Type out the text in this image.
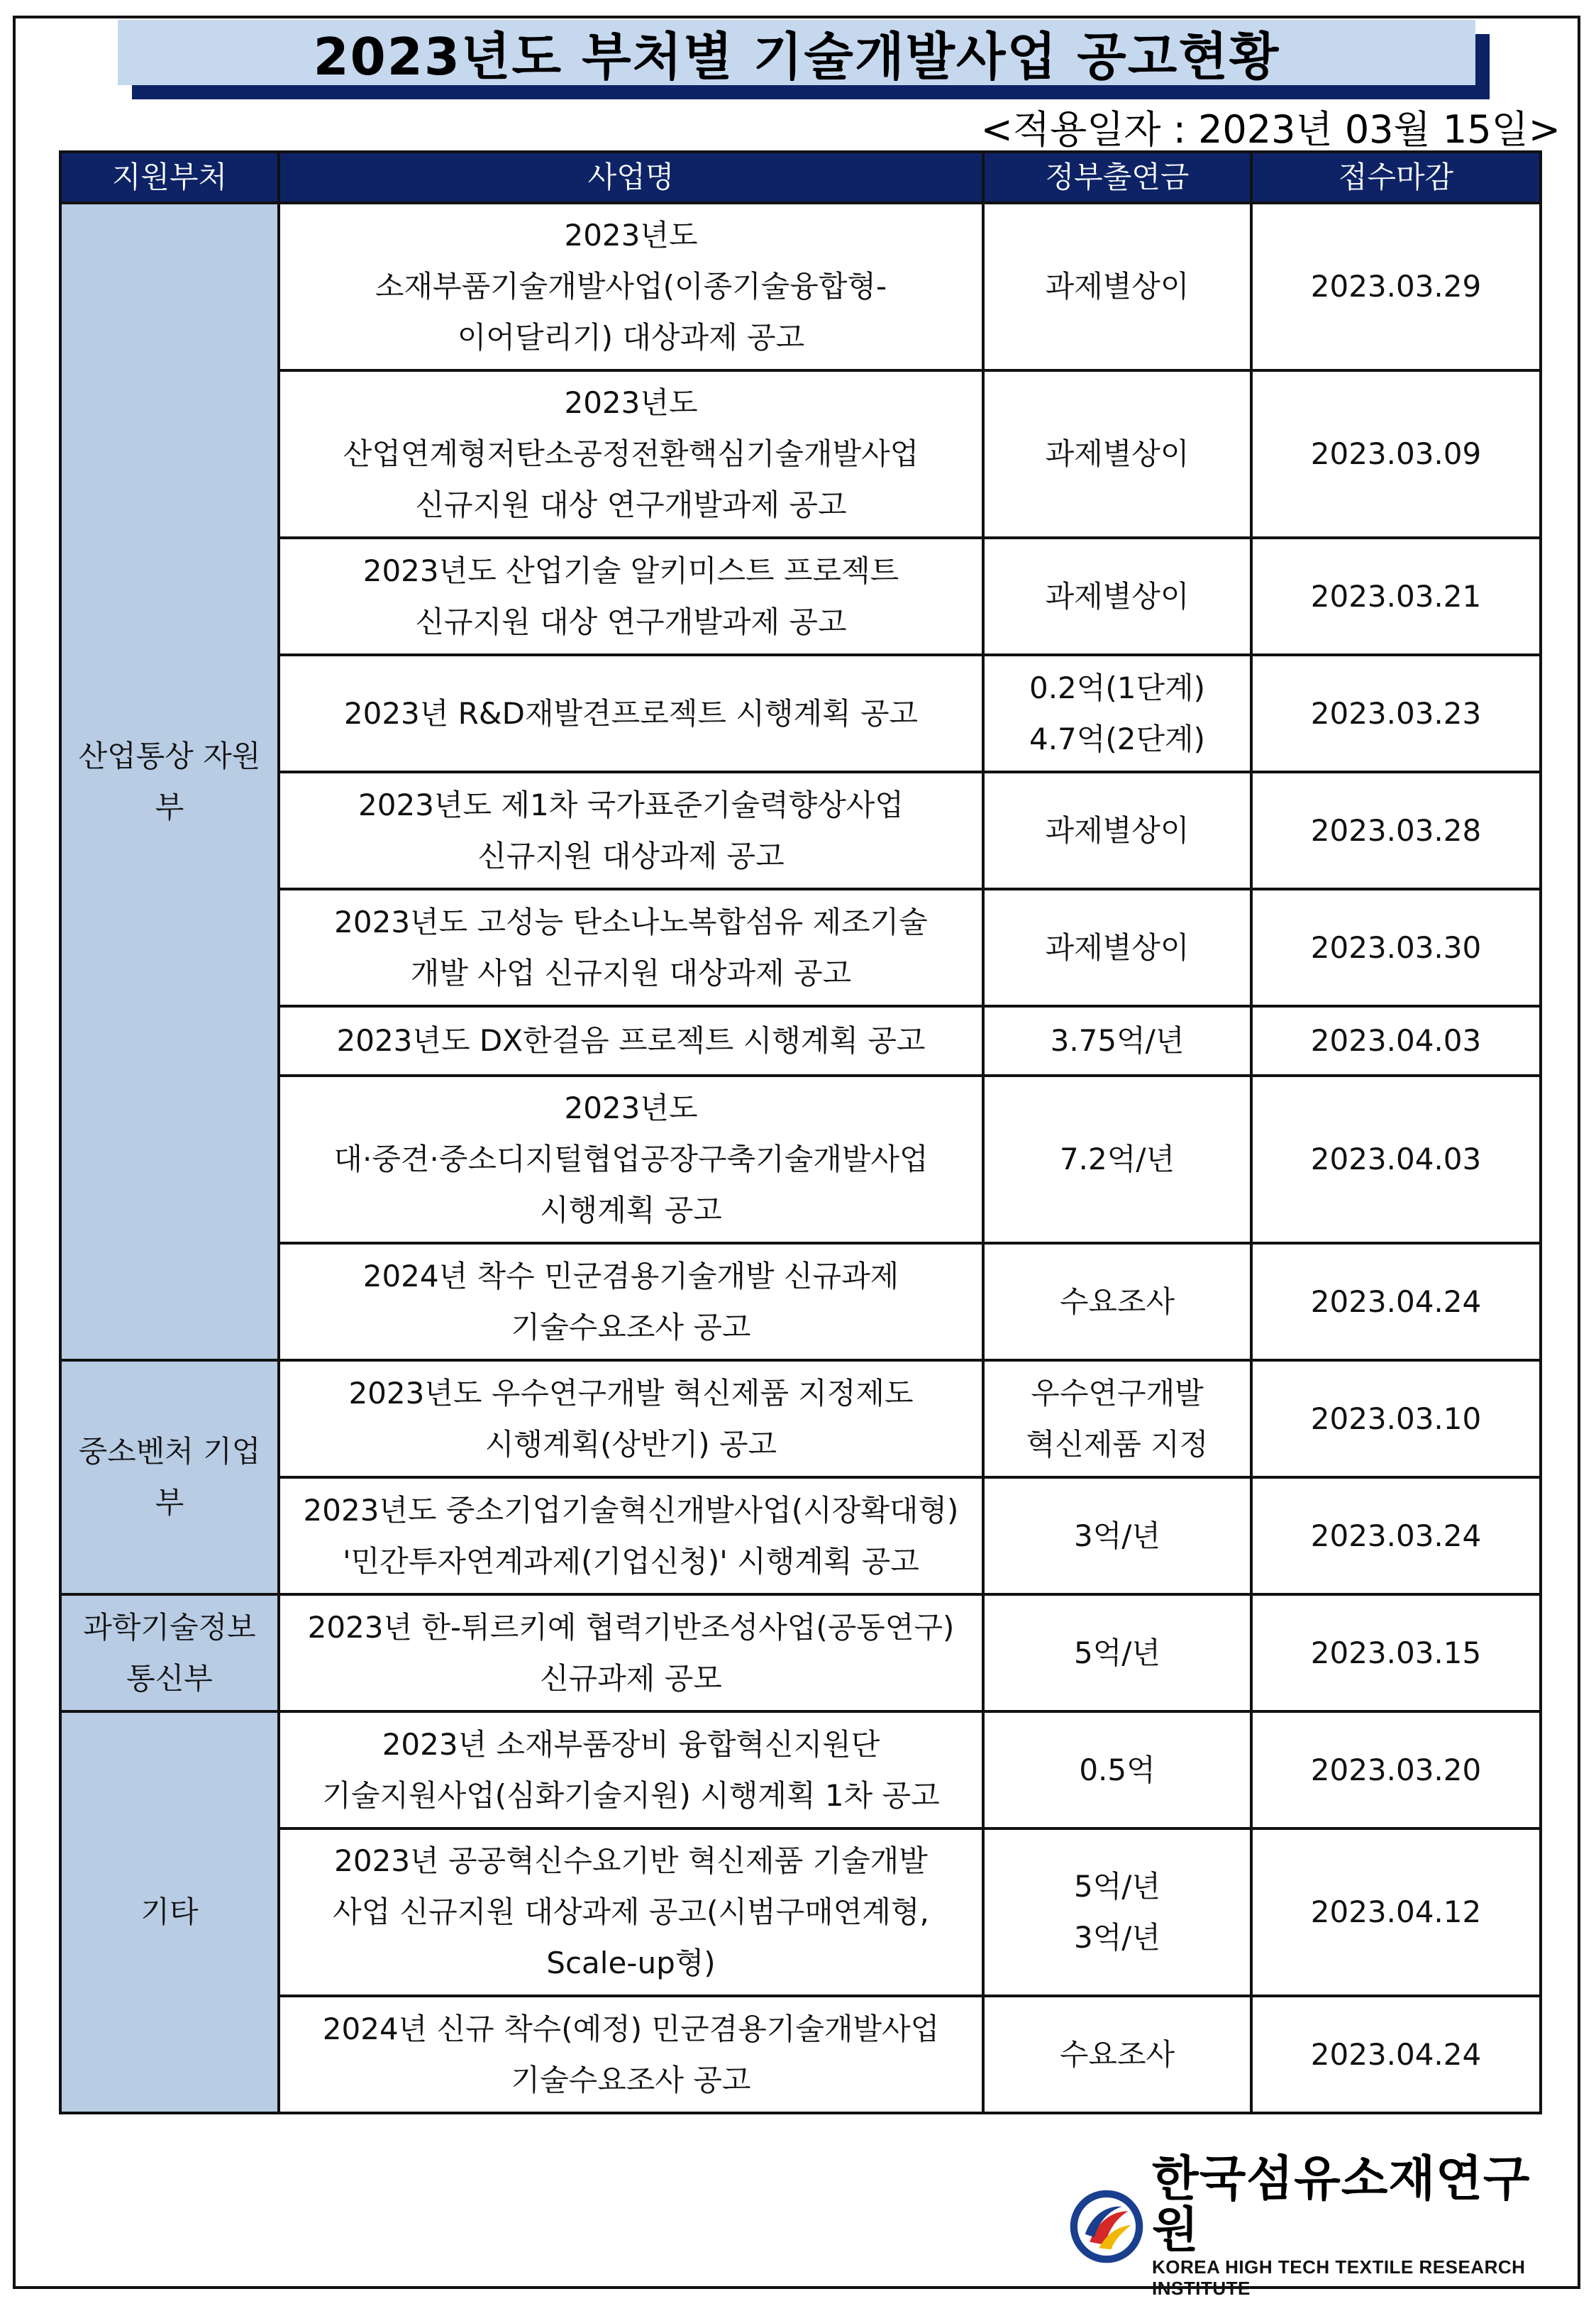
2023년도 부처별 기술개발사업 공고현황
<적용일자 : 2023년 03월 15일>
지원부처	사업명	정부출연금	접수마감
산업통상 자원부	2023년도
소재부품기술개발사업(이종기술융합형-
이어달리기) 대상과제 공고	과제별상이	2023.03.29
	2023년도
산업연계형저탄소공정전환핵심기술개발사업
신규지원 대상 연구개발과제 공고	과제별상이	2023.03.09
	2023년도 산업기술 알키미스트 프로젝트
신규지원 대상 연구개발과제 공고	과제별상이	2023.03.21
	2023년 R&D재발견프로젝트 시행계획 공고	0.2억(1단계)
4.7억(2단계)	2023.03.23
	2023년도 제1차 국가표준기술력향상사업
신규지원 대상과제 공고	과제별상이	2023.03.28
	2023년도 고성능 탄소나노복합섬유 제조기술
개발 사업 신규지원 대상과제 공고	과제별상이	2023.03.30
	2023년도 DX한걸음 프로젝트 시행계획 공고	3.75억/년	2023.04.03
	2023년도
대·중견·중소디지털협업공장구축기술개발사업
시행계획 공고	7.2억/년	2023.04.03
	2024년 착수 민군겸용기술개발 신규과제
기술수요조사 공고	수요조사	2023.04.24
중소벤처 기업부	2023년도 우수연구개발 혁신제품 지정제도
시행계획(상반기) 공고	우수연구개발
혁신제품 지정	2023.03.10
	2023년도 중소기업기술혁신개발사업(시장확대형)
'민간투자연계과제(기업신청)' 시행계획 공고	3억/년	2023.03.24
과학기술정보 통신부	2023년 한-튀르키예 협력기반조성사업(공동연구)
신규과제 공모	5억/년	2023.03.15
기타	2023년 소재부품장비 융합혁신지원단
기술지원사업(심화기술지원) 시행계획 1차 공고	0.5억	2023.03.20
	2023년 공공혁신수요기반 혁신제품 기술개발
사업 신규지원 대상과제 공고(시범구매연계형,
Scale-up형)	5억/년
3억/년	2023.04.12
	2024년 신규 착수(예정) 민군겸용기술개발사업
기술수요조사 공고	수요조사	2023.04.24
한국섬유소재연구원
KOREA HIGH TECH TEXTILE RESEARCH INSTITUTE
